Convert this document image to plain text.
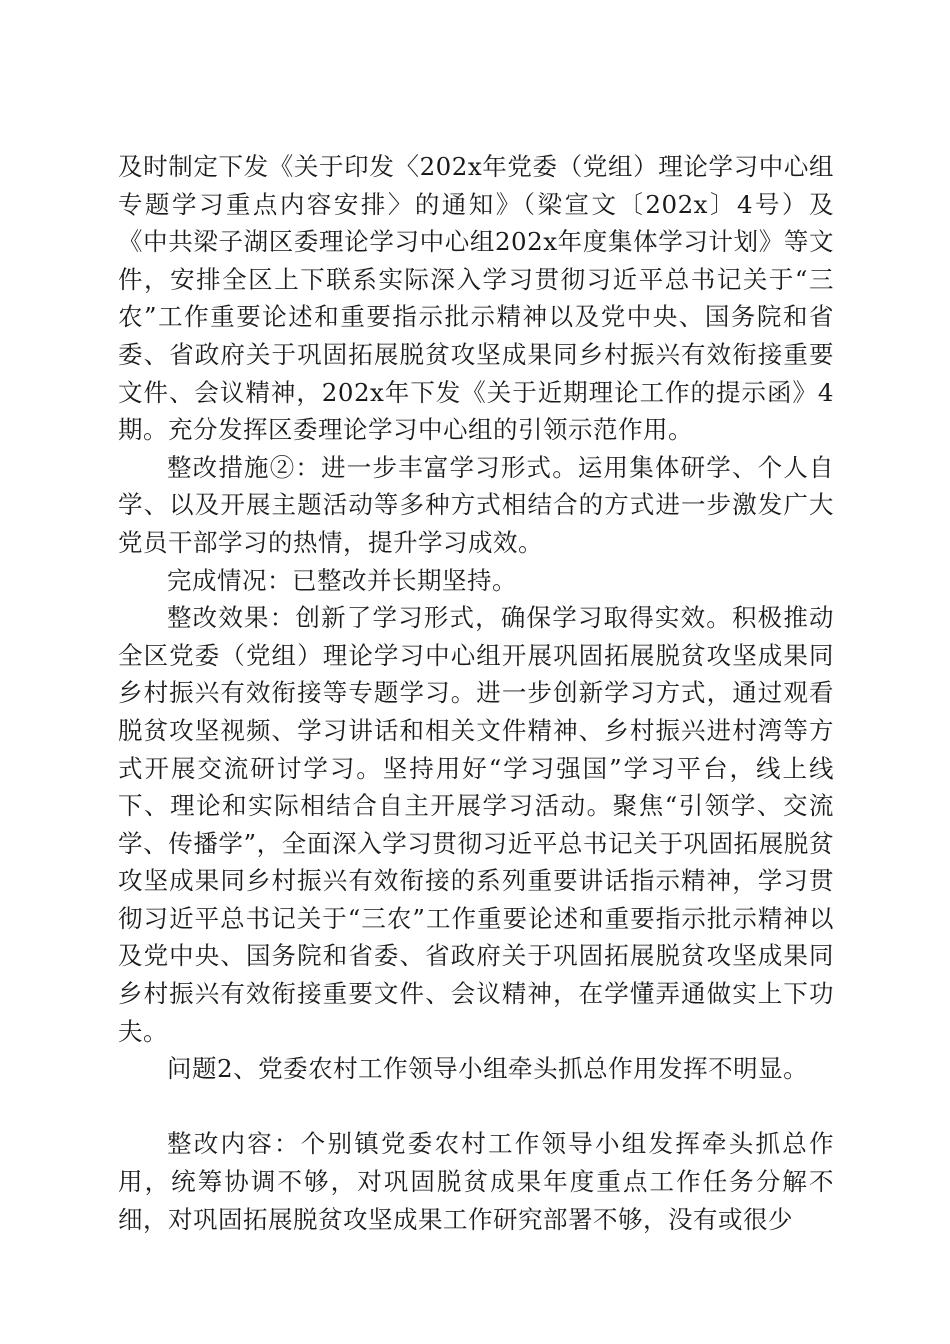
及时制定下发《关于印发〈202x年党委（党组）理论学习中心组专题学习重点内容安排〉的通知》（梁宣文〔202x〕4号）及《中共梁子湖区委理论学习中心组202x年度集体学习计划》等文件，安排全区上下联系实际深入学习贯彻习近平总书记关于“三农”工作重要论述和重要指示批示精神以及党中央、国务院和省委、省政府关于巩固拓展脱贫攻坚成果同乡村振兴有效衔接重要文件、会议精神，202x年下发《关于近期理论工作的提示函》4期。充分发挥区委理论学习中心组的引领示范作用。

整改措施②：进一步丰富学习形式。运用集体研学、个人自学、以及开展主题活动等多种方式相结合的方式进一步激发广大党员干部学习的热情，提升学习成效。

完成情况：已整改并长期坚持。

整改效果：创新了学习形式，确保学习取得实效。积极推动全区党委（党组）理论学习中心组开展巩固拓展脱贫攻坚成果同乡村振兴有效衔接等专题学习。进一步创新学习方式，通过观看脱贫攻坚视频、学习讲话和相关文件精神、乡村振兴进村湾等方式开展交流研讨学习。坚持用好“学习强国”学习平台，线上线下、理论和实际相结合自主开展学习活动。聚焦“引领学、交流学、传播学”，全面深入学习贯彻习近平总书记关于巩固拓展脱贫攻坚成果同乡村振兴有效衔接的系列重要讲话指示精神，学习贯彻习近平总书记关于“三农”工作重要论述和重要指示批示精神以及党中央、国务院和省委、省政府关于巩固拓展脱贫攻坚成果同乡村振兴有效衔接重要文件、会议精神，在学懂弄通做实上下功夫。

问题2、党委农村工作领导小组牵头抓总作用发挥不明显。

整改内容：个别镇党委农村工作领导小组发挥牵头抓总作用，统筹协调不够，对巩固脱贫成果年度重点工作任务分解不细，对巩固拓展脱贫攻坚成果工作研究部署不够，没有或很少
